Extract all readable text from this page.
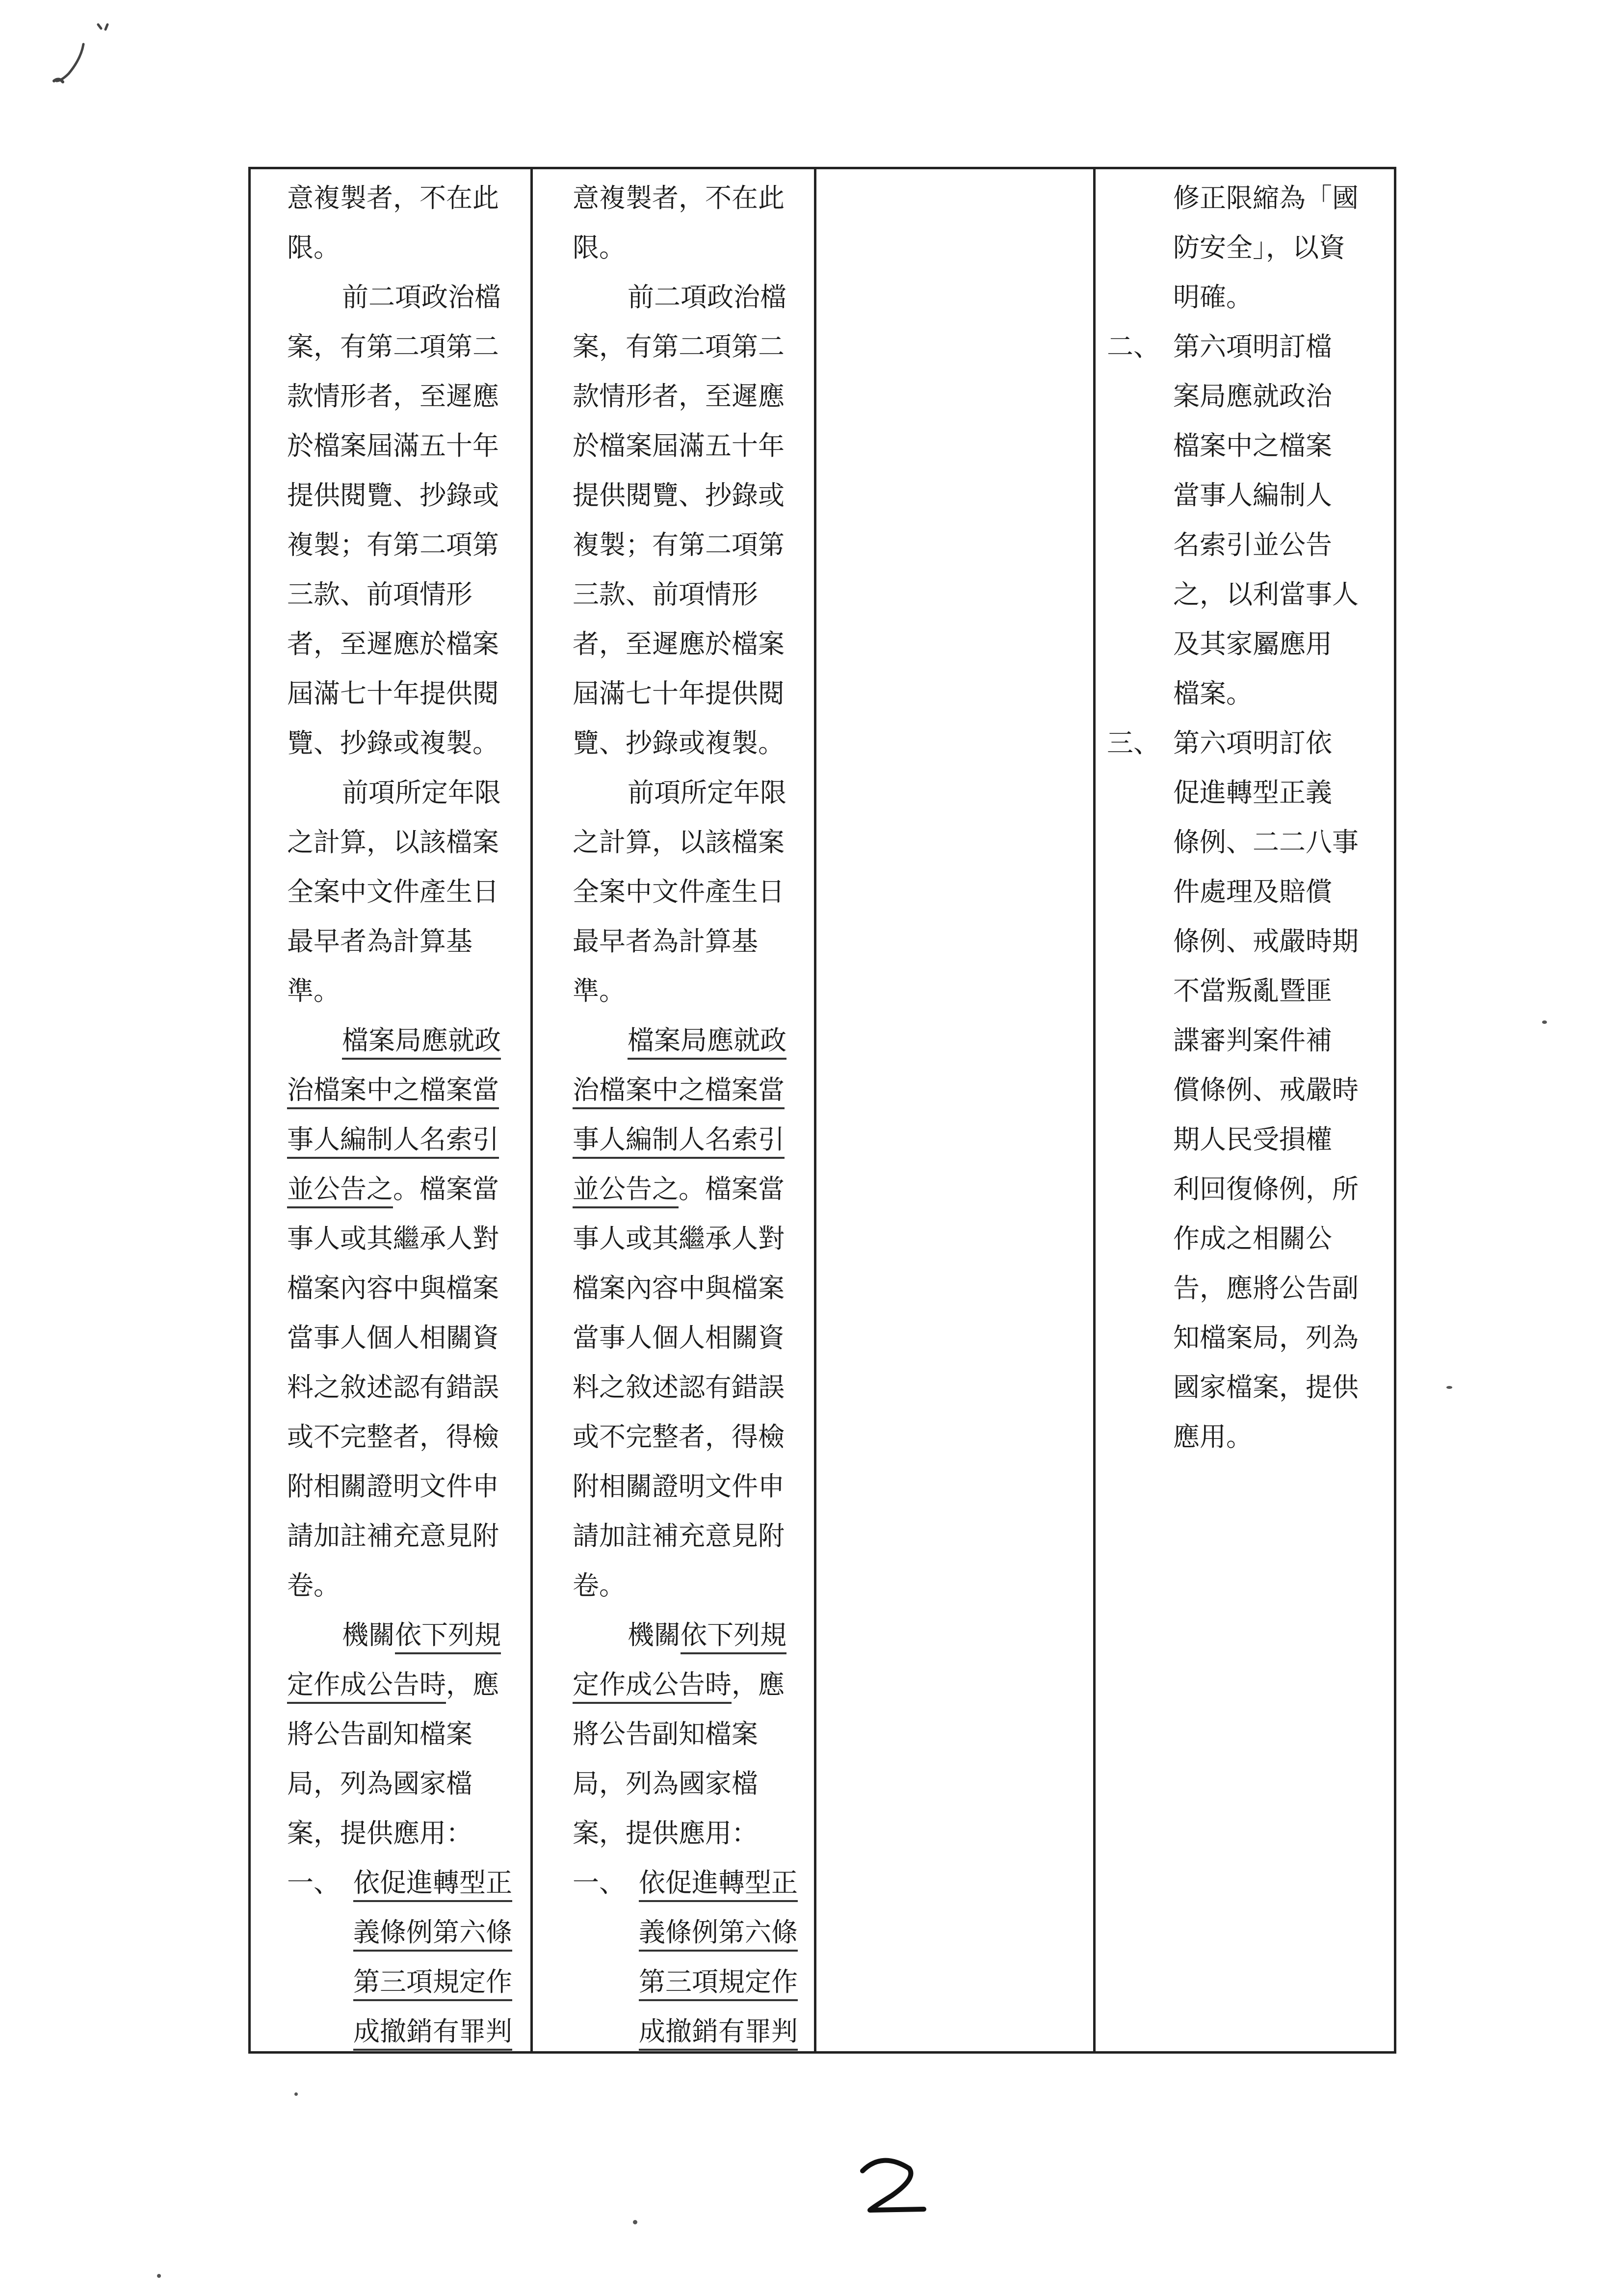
意複製者，不在此
限。
前二項政治檔
案，有第二項第二
款情形者，至遲應
於檔案屆滿五十年
提供閱覽、抄錄或
複製；有第二項第
三款、前項情形
者，至遲應於檔案
屆滿七十年提供閱
覽、抄錄或複製。
前項所定年限
之計算，以該檔案
全案中文件產生日
最早者為計算基
準。
檔案局應就政
治檔案中之檔案當
事人編制人名索引
並公告之。檔案當
事人或其繼承人對
檔案內容中與檔案
當事人個人相關資
料之敘述認有錯誤
或不完整者，得檢
附相關證明文件申
請加註補充意見附
卷。
機關依下列規
定作成公告時，應
將公告副知檔案
局，列為國家檔
案，提供應用：
一、 依促進轉型正
義條例第六條
第三項規定作
成撤銷有罪判
意複製者，不在此
限。
前二項政治檔
案，有第二項第二
款情形者，至遲應
於檔案屆滿五十年
提供閱覽、抄錄或
複製；有第二項第
三款、前項情形
者，至遲應於檔案
屆滿七十年提供閱
覽、抄錄或複製。
前項所定年限
之計算，以該檔案
全案中文件產生日
最早者為計算基
準。
檔案局應就政
治檔案中之檔案當
事人編制人名索引
並公告之。檔案當
事人或其繼承人對
檔案內容中與檔案
當事人個人相關資
料之敘述認有錯誤
或不完整者，得檢
附相關證明文件申
請加註補充意見附
卷。
機關依下列規
定作成公告時，應
將公告副知檔案
局，列為國家檔
案，提供應用：
一、 依促進轉型正
義條例第六條
第三項規定作
成撤銷有罪判
修正限縮為「國
防安全」，以資
明確。
二、 第六項明訂檔
案局應就政治
檔案中之檔案
當事人編制人
名索引並公告
之，以利當事人
及其家屬應用
檔案。
三、 第六項明訂依
促進轉型正義
條例、二二八事
件處理及賠償
條例、戒嚴時期
不當叛亂暨匪
諜審判案件補
償條例、戒嚴時
期人民受損權
利回復條例，所
作成之相關公
告，應將公告副
知檔案局，列為
國家檔案，提供
應用。
2
